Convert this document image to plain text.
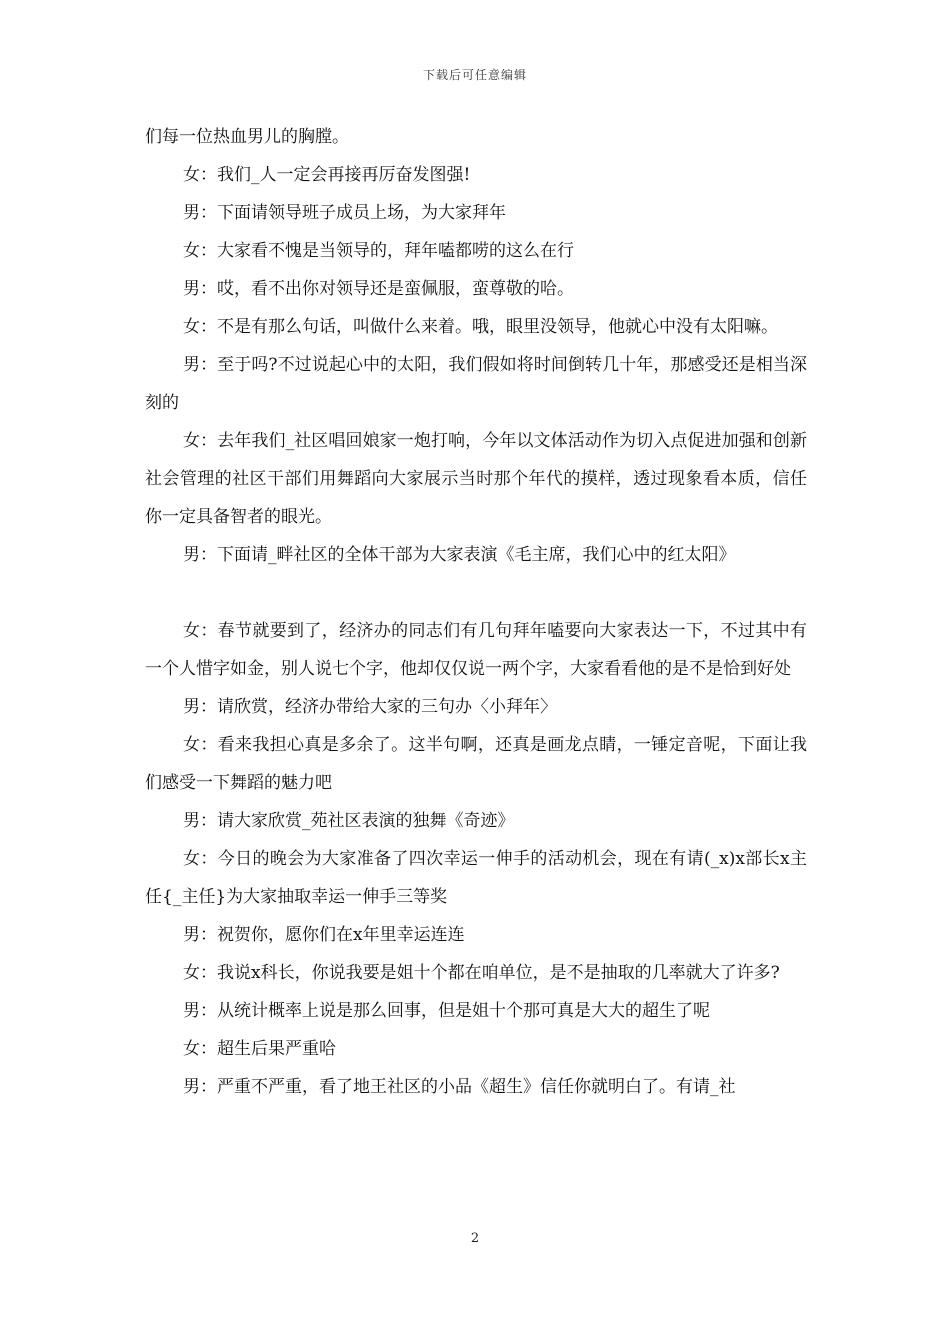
下载后可任意编辑

们每一位热血男儿的胸膛。

女：我们_人一定会再接再厉奋发图强!

男：下面请领导班子成员上场，为大家拜年

女：大家看不愧是当领导的，拜年嗑都唠的这么在行

男：哎，看不出你对领导还是蛮佩服，蛮尊敬的哈。

女：不是有那么句话，叫做什么来着。哦，眼里没领导，他就心中没有太阳嘛。

男：至于吗?不过说起心中的太阳，我们假如将时间倒转几十年，那感受还是相当深刻的

女：去年我们_社区唱回娘家一炮打响，今年以文体活动作为切入点促进加强和创新社会管理的社区干部们用舞蹈向大家展示当时那个年代的摸样，透过现象看本质，信任你一定具备智者的眼光。

男：下面请_畔社区的全体干部为大家表演《毛主席，我们心中的红太阳》

女：春节就要到了，经济办的同志们有几句拜年嗑要向大家表达一下，不过其中有一个人惜字如金，别人说七个字，他却仅仅说一两个字，大家看看他的是不是恰到好处

男：请欣赏，经济办带给大家的三句办〈小拜年〉

女：看来我担心真是多余了。这半句啊，还真是画龙点睛，一锤定音呢，下面让我们感受一下舞蹈的魅力吧

男：请大家欣赏_苑社区表演的独舞《奇迹》

女：今日的晚会为大家准备了四次幸运一伸手的活动机会，现在有请(_x)x部长x主任{_主任}为大家抽取幸运一伸手三等奖

男：祝贺你，愿你们在x年里幸运连连

女：我说x科长，你说我要是姐十个都在咱单位，是不是抽取的几率就大了许多?

男：从统计概率上说是那么回事，但是姐十个那可真是大大的超生了呢

女：超生后果严重哈

男：严重不严重，看了地王社区的小品《超生》信任你就明白了。有请_社

2
